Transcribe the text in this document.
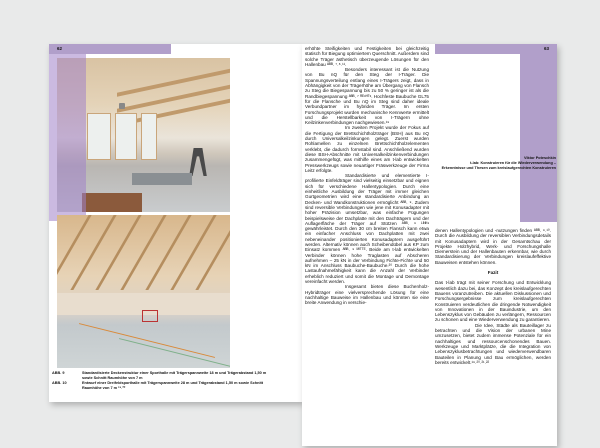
62
ABB. 9	Standardisierte Deckenstruktur einer Sporthalle mit Trägerspannweite 18 m und Trägerabstand 1,50 m sowie Schnitt Raumhöhe von 7 m
ABB. 10	Entwurf einer Dreifeldsporthalle mit Trägerspannweite 28 m und Trägerabstand 1,50 m sowie Schnitt Raumhöhe von 7 m ¹⁹˒²⁰

erhöhte Steifigkeiten und Festigkeiten bei gleichzeitig statisch für Biegung optimiertem Querschnitt. Außerdem sind solche Träger ästhetisch überzeugende Lösungen für den Hallenbau ᴬᴮᴮ. ⁷˒⁸˒¹¹.

Besonders interessant ist die Nutzung von Bu nQ für den Steg der I-Träger. Die Spannungsverteilung entlang eines I-Trägers zeigt, dass in Abhängigkeit von der Trägerhöhe am Übergang von Flansch zu Steg die Biegespannung bis zu 50 % geringer ist als die Randbiegespannung ᴬᴮᴮ. ⁷ ᴿᴱᶜᴴᵀˢ. Hochfeste Baubuche GL75 für die Flansche und Bu nQ im Steg sind daher ideale Verbundpartner im hybriden Träger. Im ersten Forschungsprojekt wurden mechanische Kennwerte ermittelt und die Herstellbarkeit von I-Trägern ohne Keilzinkenverbindungen nachgewiesen.¹⁹

Im zweiten Projekt wurde der Fokus auf die Fertigung der Brettschichtholzträger (BSH) aus Bu nQ durch Universalkeilzinkungen gelegt. Zuerst wurden Rohlamellen zu einzelnen Brettschichtholzelementen verklebt, die dadurch formstabil sind. Anschließend wurden diese BSH-Abschnitte mit Universalkeilzinkenverbindungen zusammengefügt, was mithilfe eines am t-lab entwickelten Presswerkzeugs sowie neuartiger Fräswerkzeuge der Firma Leitz erfolgte.

Standardisierte und elementierte I-profilierte Einfeldträger sind vielseitig einsetzbar und eignen sich für verschiedene Hallentypologien. Durch eine einheitliche Ausbildung der Träger mit immer gleichen Gurtgeometrien wird eine standardisierte Anbindung an Decken- und Wandkonstruktionen ermöglicht ᴬᴮᴮ. ⁹. Zudem sind reversible Verbindungen wie jene mit Konusadapter mit hoher Präzision umsetzbar, was einfache Fügungen beispielsweise der Dachplatte mit den Dachträgern und der Auflagerfläche der Träger auf Stützen ᴬᴮᴮ. ⁹ ᴸᴵᴺᴷˢ gewährleistet. Durch den 30 cm breiten Flansch kann etwa ein einfacher Anschluss von Dachplatten mit zwei nebeneinander positionierten Konusadaptern ausgeführt werden. Alternativ können auch Scheibendübel aus KP zum Einsatz kommen ᴬᴮᴮ. ⁹ ᴹᴵᵀᵀᴱ. Beide am t-lab entwickelten Verbinder können hohe Traglasten auf Abscheren aufnehmen – 25 kN in der Verbindung Fichte-Fichte und 50 kN im Anschluss Baubuche-Baubuche.²⁰ Durch die hohe Lastaufnahmefähigkeit kann die Anzahl der Verbinder erheblich reduziert und somit die Montage und Demontage vereinfacht werden.

Insgesamt bieten diese Buchenholz-Hybridträger eine vielversprechende Lösung für eine nachhaltige Bauweise im Hallenbau und könnten sie eine breite Anwendung in verschie-

63
Viktor Poteschkin
t-lab: Konstruieren für die Wiederverwendung –
Erkenntnisse und Thesen zum kreislaufgerechten Konstruieren

denen Hallentypologien und -nutzungen finden ᴬᴮᴮ. ⁹˒¹⁰. Durch die Ausbildung der reversiblen Verbindungsdetails mit Konusadaptern wird in der Gesamtschau der Projekte Holzhybrid, Werk- und Forschungshalle Diemerstein und der Hallenbauten erkennbar, wie durch Standardisierung der Verbindungen kreislaufeffektive Bauweisen entstehen können.

Fazit

Das t-lab trägt mit seiner Forschung und Entwicklung wesentlich dazu bei, das Konzept des kreislaufgerechten Bauens voranzutreiben. Die aktuellen Diskussionen und Forschungsergebnisse zum kreislaufgerechten Konstruieren verdeutlichen die dringende Notwendigkeit von Innovationen in der Bauindustrie, um den Lebenszyklus von Gebäuden zu verlängern, Ressourcen zu schonen und eine Wiederverwendung zu garantieren.

Die Idee, Städte als Bauteillager zu betrachten und die Vision der urbanen Mine umzusetzen, bietet zudem immense Potenziale für ein nachhaltiges und ressourcenschonendes Bauen. Werkzeuge und Marktplätze, die die Integration von Lebenszyklusbetrachtungen und wiederverwendbaren Bauteilen in Planung und Bau ermöglichen, werden bereits entwickelt.¹⁹˒²⁰˒²¹˒²²
